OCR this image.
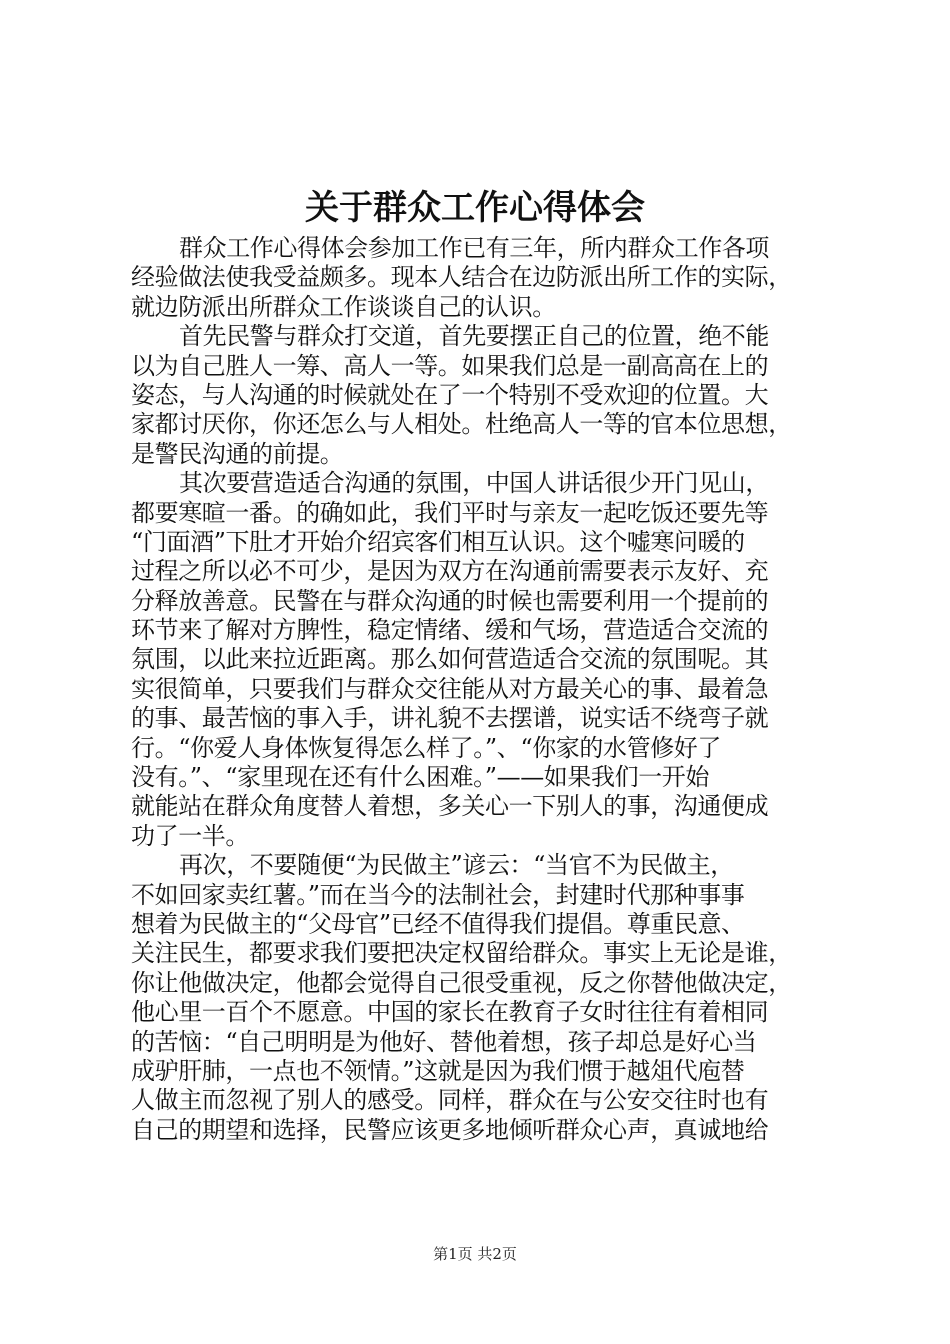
关于群众工作心得体会

群众工作心得体会参加工作已有三年，所内群众工作各项
经验做法使我受益颇多。现本人结合在边防派出所工作的实际，
就边防派出所群众工作谈谈自己的认识。

首先民警与群众打交道，首先要摆正自己的位置，绝不能
以为自己胜人一筹、高人一等。如果我们总是一副高高在上的
姿态，与人沟通的时候就处在了一个特别不受欢迎的位置。大
家都讨厌你，你还怎么与人相处。杜绝高人一等的官本位思想，
是警民沟通的前提。

其次要营造适合沟通的氛围，中国人讲话很少开门见山，
都要寒暄一番。的确如此，我们平时与亲友一起吃饭还要先等
“门面酒”下肚才开始介绍宾客们相互认识。这个嘘寒问暖的
过程之所以必不可少，是因为双方在沟通前需要表示友好、充
分释放善意。民警在与群众沟通的时候也需要利用一个提前的
环节来了解对方脾性，稳定情绪、缓和气场，营造适合交流的
氛围，以此来拉近距离。那么如何营造适合交流的氛围呢。其
实很简单，只要我们与群众交往能从对方最关心的事、最着急
的事、最苦恼的事入手，讲礼貌不去摆谱，说实话不绕弯子就
行。“你爱人身体恢复得怎么样了。”、“你家的水管修好了
没有。”、“家里现在还有什么困难。”——如果我们一开始
就能站在群众角度替人着想，多关心一下别人的事，沟通便成
功了一半。

再次，不要随便“为民做主”谚云：“当官不为民做主，
不如回家卖红薯。”而在当今的法制社会，封建时代那种事事
想着为民做主的“父母官”已经不值得我们提倡。尊重民意、
关注民生，都要求我们要把决定权留给群众。事实上无论是谁，
你让他做决定，他都会觉得自己很受重视，反之你替他做决定，
他心里一百个不愿意。中国的家长在教育子女时往往有着相同
的苦恼：“自己明明是为他好、替他着想，孩子却总是好心当
成驴肝肺，一点也不领情。”这就是因为我们惯于越俎代庖替
人做主而忽视了别人的感受。同样，群众在与公安交往时也有
自己的期望和选择，民警应该更多地倾听群众心声，真诚地给

第1页 共2页
